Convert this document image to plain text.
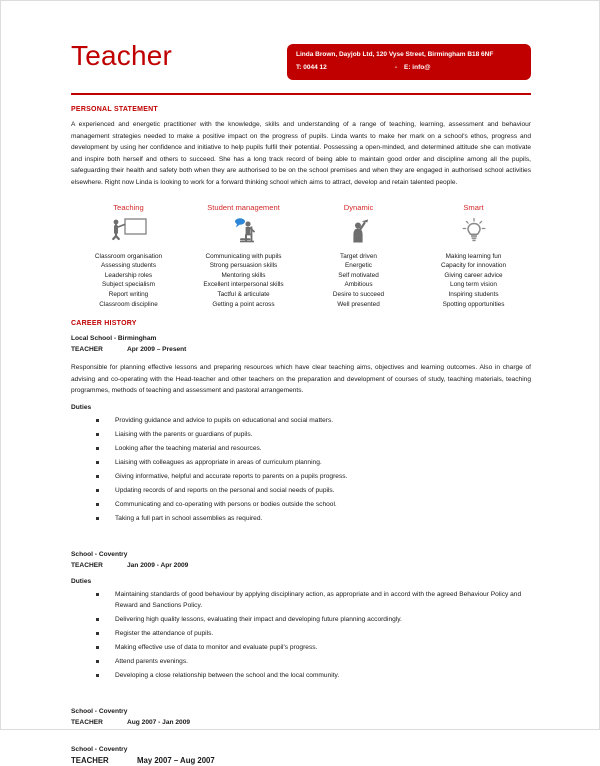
Teacher	Linda Brown, Dayjob Ltd, 120 Vyse Street, Birmingham B18 6NF
T: 0044 12	-	E: info@
PERSONAL STATEMENT
A experienced and energetic practitioner with the knowledge, skills and understanding of a range of teaching, learning, assessment and behaviour management strategies needed to make a positive impact on the progress of pupils. Linda wants to make her mark on a school's ethos, progress and development by using her confidence and initiative to help pupils fulfil their potential. Possessing a open-minded, and determined attitude she can motivate and inspire both herself and others to succeed. She has a long track record of being able to maintain good order and discipline among all the pupils, safeguarding their health and safety both when they are authorised to be on the school premises and when they are engaged in authorised school activities elsewhere. Right now Linda is looking to work for a forward thinking school which aims to attract, develop and retain talented people.
Teaching
Classroom organisation
Assessing students
Leadership roles
Subject specialism
Report writing
Classroom discipline
Student management
Communicating with pupils
Strong persuasion skills
Mentoring skills
Excellent interpersonal skills
Tactful & articulate
Getting a point across
Dynamic
Target driven
Energetic
Self motivated
Ambitious
Desire to succeed
Well presented
Smart
Making learning fun
Capacity for innovation
Giving career advice
Long term vision
Inspiring students
Spotting opportunities
CAREER HISTORY
Local School - Birmingham
TEACHER	Apr 2009 – Present
Responsible for planning effective lessons and preparing resources which have clear teaching aims, objectives and learning outcomes. Also in charge of advising and co-operating with the Head-teacher and other teachers on the preparation and development of courses of study, teaching materials, teaching programmes, methods of teaching and assessment and pastoral arrangements.
Duties
Providing guidance and advice to pupils on educational and social matters.
Liaising with the parents or guardians of pupils.
Looking after the teaching material and resources.
Liaising with colleagues as appropriate in areas of curriculum planning.
Giving informative, helpful and accurate reports to parents on a pupils progress.
Updating records of and reports on the personal and social needs of pupils.
Communicating and co-operating with persons or bodies outside the school.
Taking a full part in school assemblies as required.
School - Coventry
TEACHER	Jan 2009 - Apr 2009
Duties
Maintaining standards of good behaviour by applying disciplinary action, as appropriate and in accord with the agreed Behaviour Policy and Reward and Sanctions Policy.
Delivering high quality lessons, evaluating their impact and developing future planning accordingly.
Register the attendance of pupils.
Making effective use of data to monitor and evaluate pupil's progress.
Attend parents evenings.
Developing a close relationship between the school and the local community.
School - Coventry
TEACHER	Aug 2007 - Jan 2009
School - Coventry
TEACHER	May 2007 – Aug 2007
